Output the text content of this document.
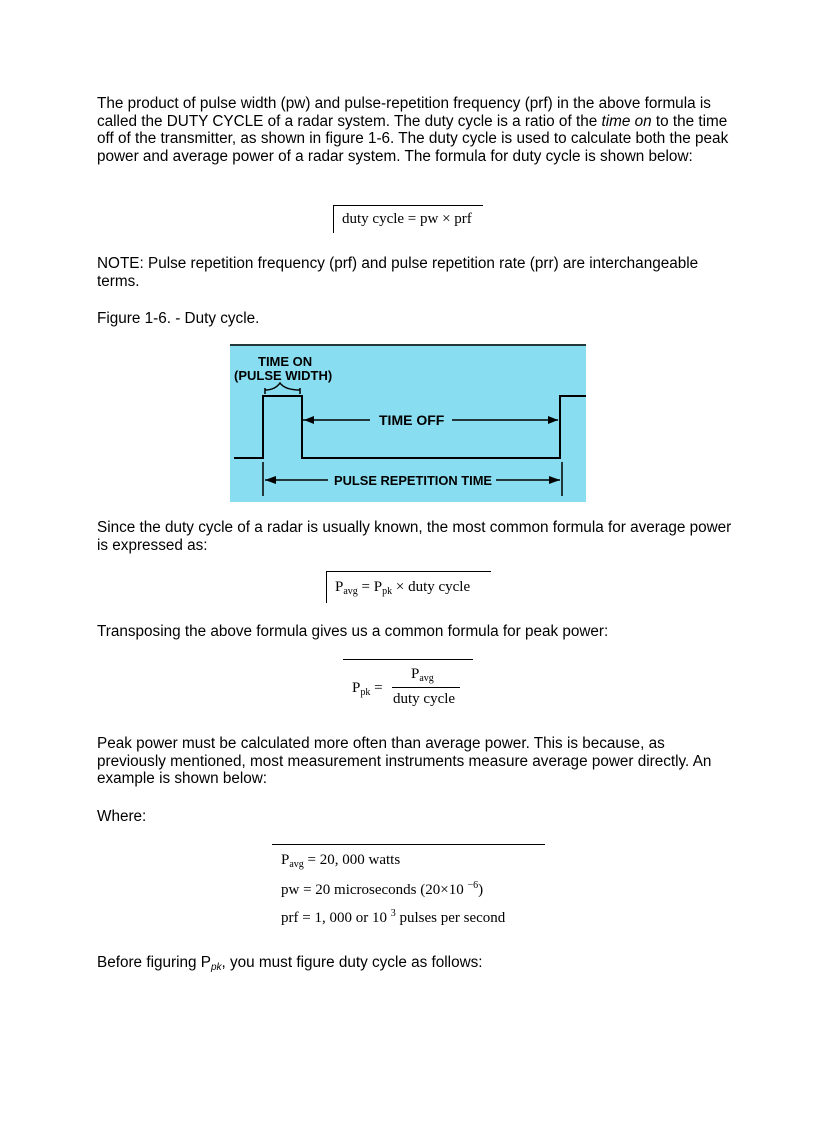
The product of pulse width (pw) and pulse-repetition frequency (prf) in the above formula is called the DUTY CYCLE of a radar system. The duty cycle is a ratio of the time on to the time off of the transmitter, as shown in figure 1-6. The duty cycle is used to calculate both the peak power and average power of a radar system. The formula for duty cycle is shown below:

duty cycle = pw × prf

NOTE: Pulse repetition frequency (prf) and pulse repetition rate (prr) are interchangeable terms.

Figure 1-6. - Duty cycle.

TIME ON
(PULSE WIDTH)
TIME OFF
PULSE REPETITION TIME

Since the duty cycle of a radar is usually known, the most common formula for average power is expressed as:

$P_{avg} = P_{pk}$ × duty cycle

Transposing the above formula gives us a common formula for peak power:

$P_{pk}$ =
$P_{avg}$
duty cycle

Peak power must be calculated more often than average power. This is because, as previously mentioned, most measurement instruments measure average power directly. An example is shown below:

Where:

$P_{avg} = 20$, 000 watts
pw = 20 microseconds (20×10 $^{-6}$)
prf = 1, 000 or 10 $^3$ pulses per second

Before figuring Ppk, you must figure duty cycle as follows:
